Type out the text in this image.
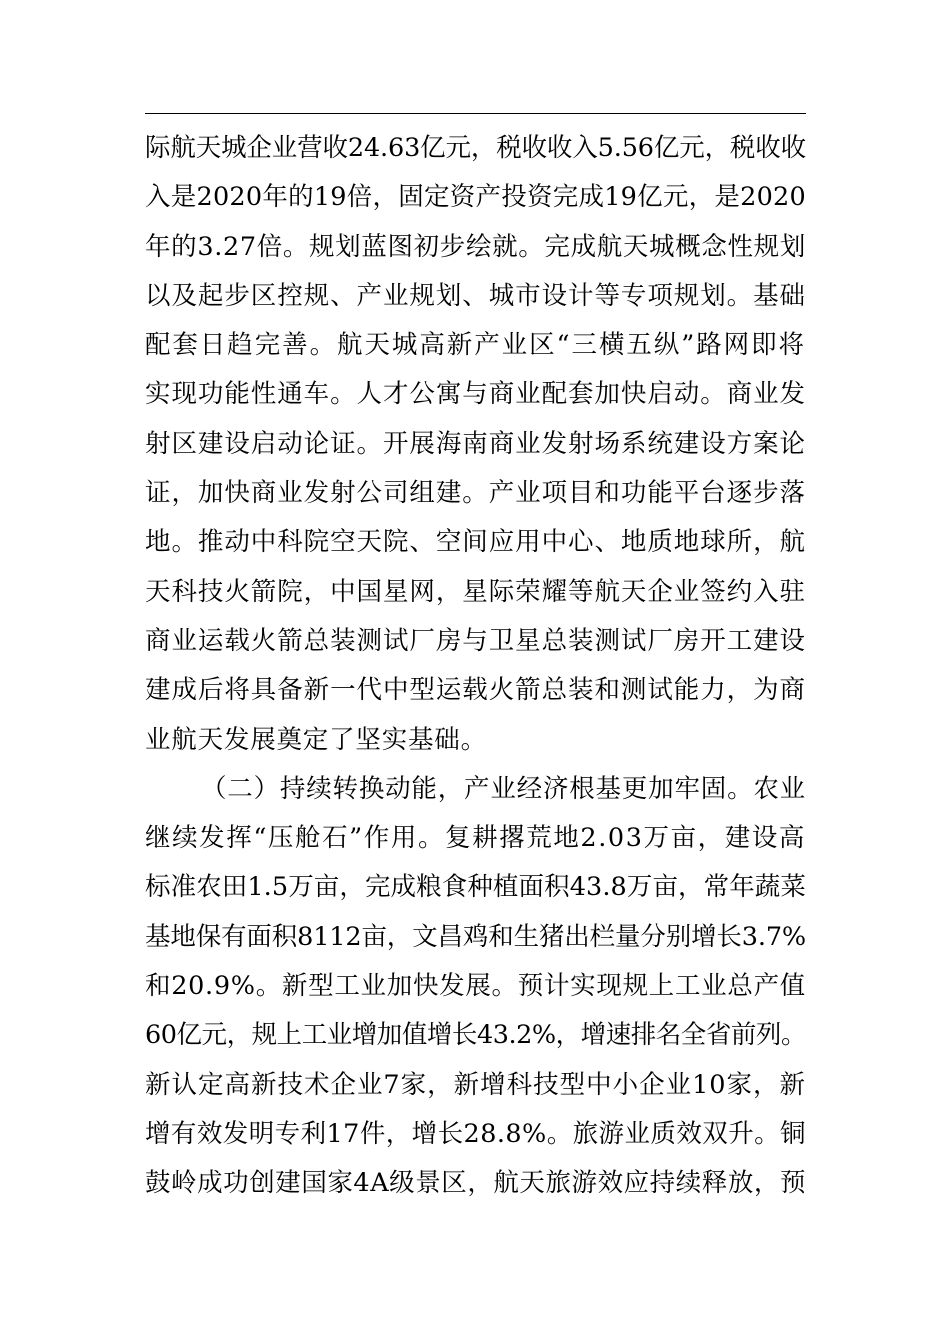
际航天城企业营收24.63亿元，税收收入5.56亿元，税收收
入是2020年的19倍，固定资产投资完成19亿元，是2020
年的3.27倍。规划蓝图初步绘就。完成航天城概念性规划
以及起步区控规、产业规划、城市设计等专项规划。基础
配套日趋完善。航天城高新产业区“三横五纵”路网即将
实现功能性通车。人才公寓与商业配套加快启动。商业发
射区建设启动论证。开展海南商业发射场系统建设方案论
证，加快商业发射公司组建。产业项目和功能平台逐步落
地。推动中科院空天院、空间应用中心、地质地球所，航
天科技火箭院，中国星网，星际荣耀等航天企业签约入驻
商业运载火箭总装测试厂房与卫星总装测试厂房开工建设
建成后将具备新一代中型运载火箭总装和测试能力，为商
业航天发展奠定了坚实基础。
（二）持续转换动能，产业经济根基更加牢固。农业
继续发挥“压舱石”作用。复耕撂荒地2.03万亩，建设高
标准农田1.5万亩，完成粮食种植面积43.8万亩，常年蔬菜
基地保有面积8112亩，文昌鸡和生猪出栏量分别增长3.7%
和20.9%。新型工业加快发展。预计实现规上工业总产值
60亿元，规上工业增加值增长43.2%，增速排名全省前列。
新认定高新技术企业7家，新增科技型中小企业10家，新
增有效发明专利17件，增长28.8%。旅游业质效双升。铜
鼓岭成功创建国家4A级景区，航天旅游效应持续释放，预
